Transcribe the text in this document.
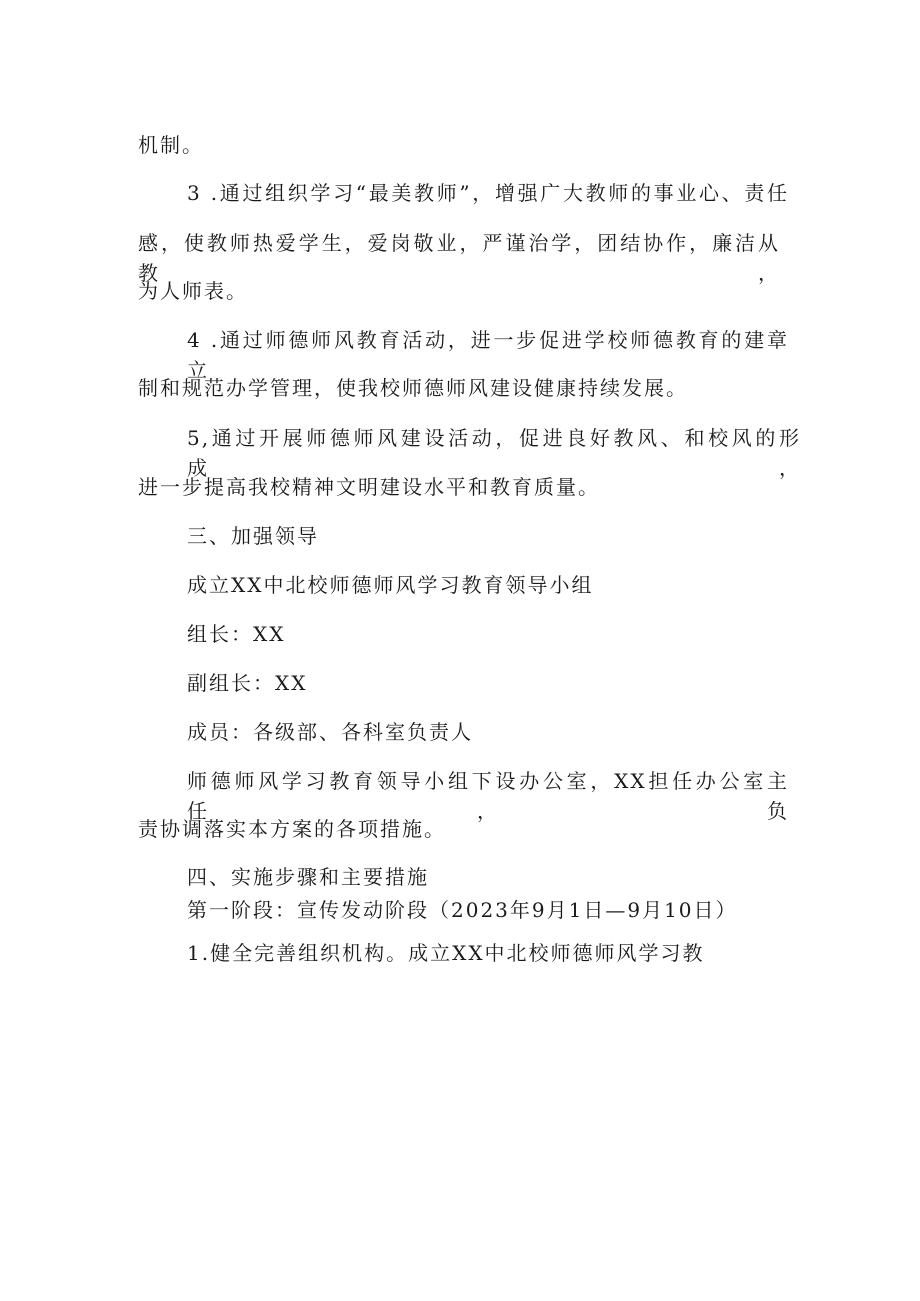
机制。
3 .通过组织学习“最美教师”，增强广大教师的事业心、责任
感，使教师热爱学生，爱岗敬业，严谨治学，团结协作，廉洁从教，
为人师表。
4 .通过师德师风教育活动，进一步促进学校师德教育的建章立
制和规范办学管理，使我校师德师风建设健康持续发展。
5,通过开展师德师风建设活动，促进良好教风、和校风的形成，
进一步提高我校精神文明建设水平和教育质量。
三、加强领导
成立XX中北校师德师风学习教育领导小组
组长：XX
副组长：XX
成员：各级部、各科室负责人
师德师风学习教育领导小组下设办公室，XX担任办公室主任，负
责协调落实本方案的各项措施。
四、实施步骤和主要措施
第一阶段：宣传发动阶段（2023年9月1日—9月10日）
1.健全完善组织机构。成立XX中北校师德师风学习教
